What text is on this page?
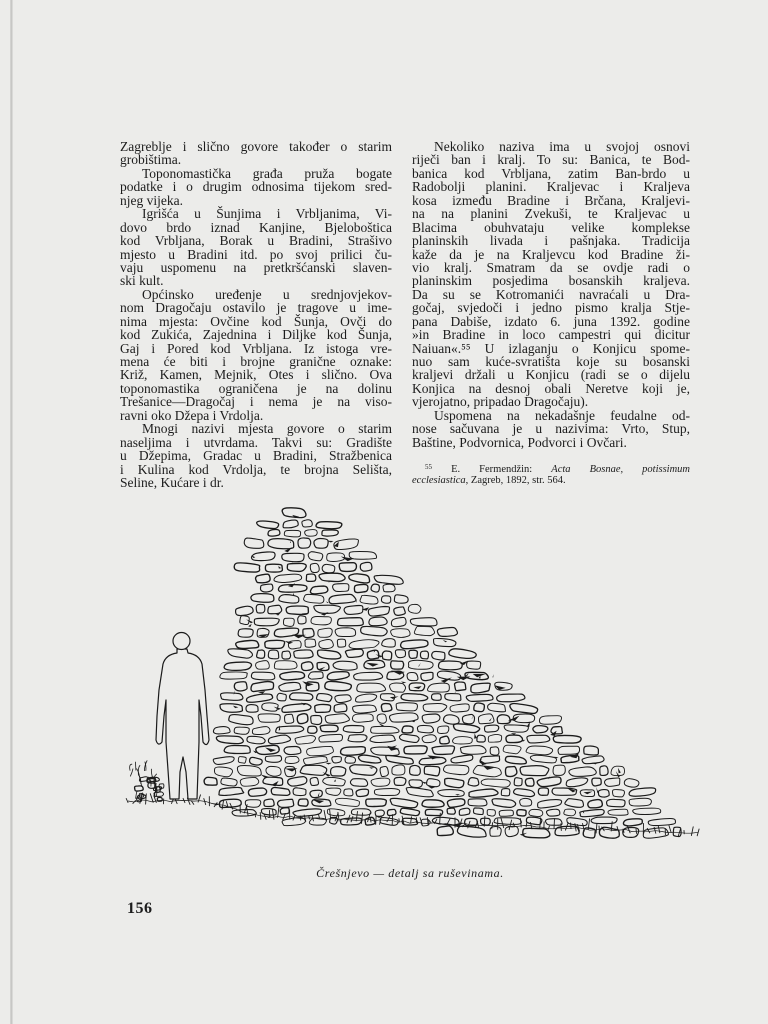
Zagreblje i slično govore također o starim
grobištima.
Toponomastička građa pruža bogate
podatke i o drugim odnosima tijekom sred-
njeg vijeka.
Igrišća u Šunjima i Vrbljanima, Vi-
dovo brdo iznad Kanjine, Bjeloboštica
kod Vrbljana, Borak u Bradini, Strašivo
mjesto u Bradini itd. po svoj prilici ču-
vaju uspomenu na pretkršćanski slaven-
ski kult.
Općinsko uređenje u srednjovjekov-
nom Dragočaju ostavilo je tragove u ime-
nima mjesta: Ovčine kod Šunja, Ovči do
kod Zukića, Zajednina i Diljke kod Šunja,
Gaj i Pored kod Vrbljana. Iz istoga vre-
mena će biti i brojne granične oznake:
Križ, Kamen, Mejnik, Otes i slično. Ova
toponomastika ograničena je na dolinu
Trešanice—Dragočaj i nema je na viso-
ravni oko Džepa i Vrdolja.
Mnogi nazivi mjesta govore o starim
naseljima i utvrdama. Takvi su: Gradište
u Džepima, Gradac u Bradini, Stražbenica
i Kulina kod Vrdolja, te brojna Selišta,
Seline, Kućare i dr.
Nekoliko naziva ima u svojoj osnovi
riječi ban i kralj. To su: Banica, te Bod-
banica kod Vrbljana, zatim Ban-brdo u
Radobolji planini. Kraljevac i Kraljeva
kosa između Bradine i Brčana, Kraljevi-
na na planini Zvekuši, te Kraljevac u
Blacima obuhvataju velike komplekse
planinskih livada i pašnjaka. Tradicija
kaže da je na Kraljevcu kod Bradine ži-
vio kralj. Smatram da se ovdje radi o
planinskim posjedima bosanskih kraljeva.
Da su se Kotromanići navraćali u Dra-
gočaj, svjedoči i jedno pismo kralja Stje-
pana Dabiše, izdato 6. juna 1392. godine
»in Bradine in loco campestri qui dicitur
Naiuan«.⁵⁵ U izlaganju o Konjicu spome-
nuo sam kuće-svratišta koje su bosanski
kraljevi držali u Konjicu (radi se o dijelu
Konjica na desnoj obali Neretve koji je,
vjerojatno, pripadao Dragočaju).
Uspomena na nekadašnje feudalne od-
nose sačuvana je u nazivima: Vrto, Stup,
Baštine, Podvornica, Podvorci i Ovčari.
$^{55}$ E. Fermendžin: Acta Bosnae, potissimum
ecclesiastica, Zagreb, 1892, str. 564.
Črešnjevo — detalj sa ruševinama.
156
